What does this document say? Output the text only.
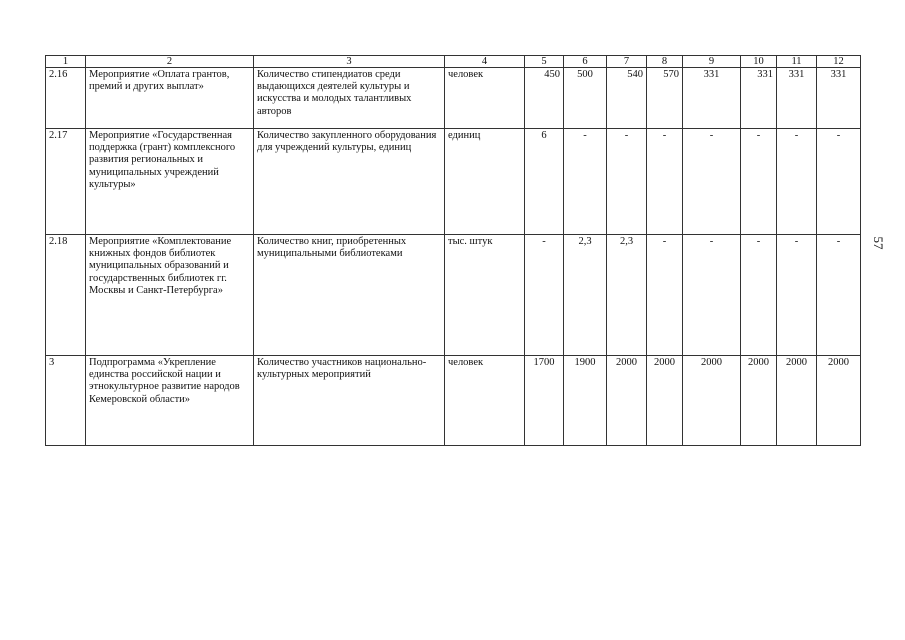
1	2	3	4	5	6	7	8	9	10	11	12
2.16	Мероприятие «Оплата грантов, премий и других выплат»	Количество стипендиатов среди выдающихся деятелей культуры и искусства и молодых талантливых авторов	человек	450	500	540	570	331	331	331	331
2.17	Мероприятие «Государственная поддержка (грант) комплексного развития региональных и муниципальных учреждений культуры»	Количество закупленного оборудования для учреждений культуры, единиц	единиц	6	-	-	-	-	-	-	-
2.18	Мероприятие «Комплектование книжных фондов библиотек муниципальных образований и государственных библиотек гг. Москвы и Санкт-Петербурга»	Количество книг, приобретенных муниципальными библиотеками	тыс. штук	-	2,3	2,3	-	-	-	-	-
3	Подпрограмма «Укрепление единства российской нации и этнокультурное развитие народов Кемеровской области»	Количество участников национально-культурных мероприятий	человек	1700	1900	2000	2000	2000	2000	2000	2000
57
